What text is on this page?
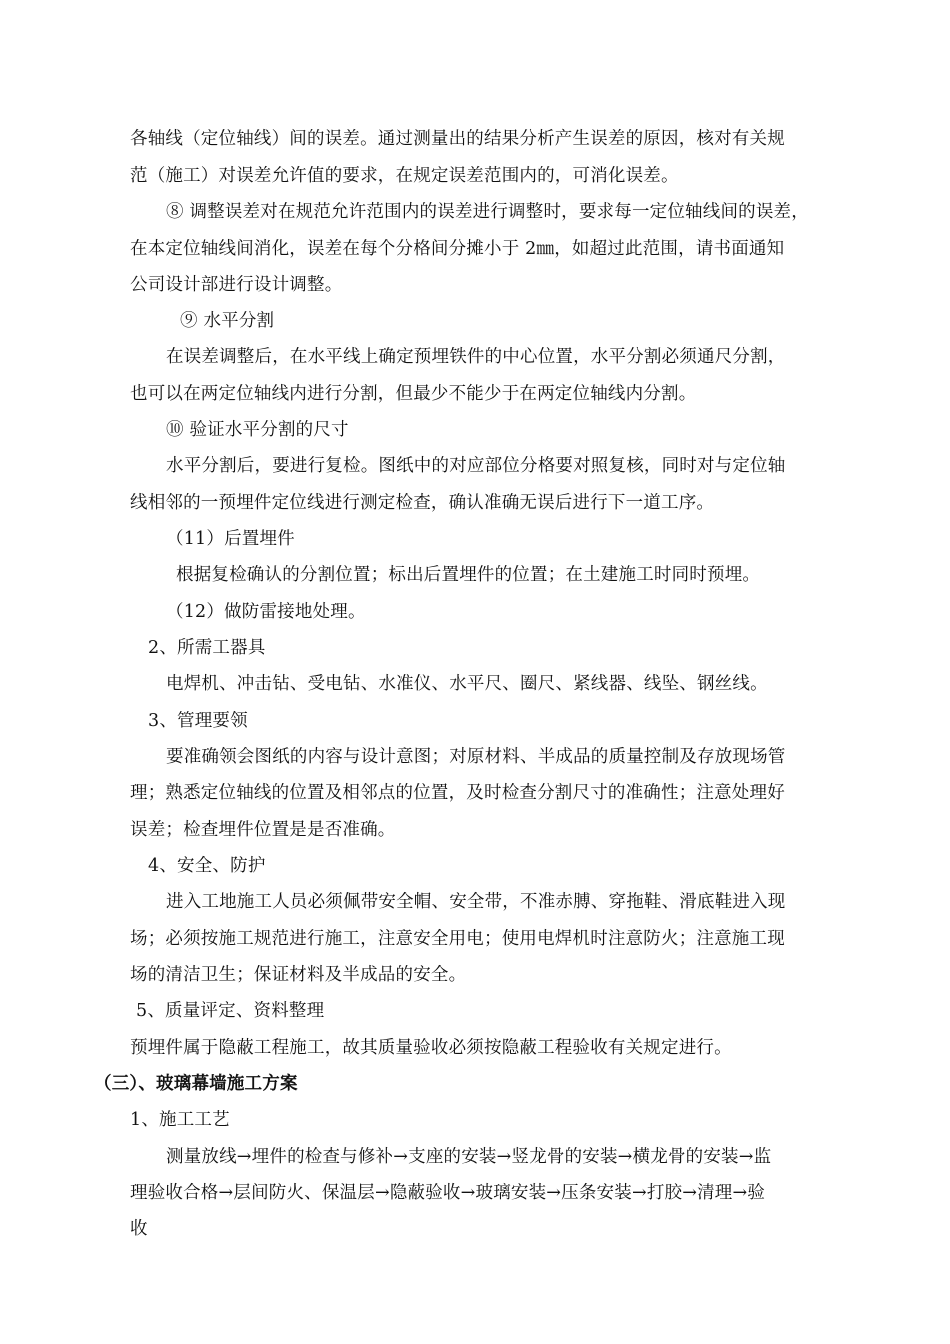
各轴线（定位轴线）间的误差。通过测量出的结果分析产生误差的原因，核对有关规
范（施工）对误差允许值的要求，在规定误差范围内的，可消化误差。
⑧ 调整误差对在规范允许范围内的误差进行调整时，要求每一定位轴线间的误差，
在本定位轴线间消化，误差在每个分格间分摊小于 2㎜，如超过此范围，请书面通知
公司设计部进行设计调整。
⑨ 水平分割
在误差调整后，在水平线上确定预埋铁件的中心位置，水平分割必须通尺分割，
也可以在两定位轴线内进行分割，但最少不能少于在两定位轴线内分割。
⑩ 验证水平分割的尺寸
水平分割后，要进行复检。图纸中的对应部位分格要对照复核，同时对与定位轴
线相邻的一预埋件定位线进行测定检查，确认准确无误后进行下一道工序。
（11）后置埋件
根据复检确认的分割位置；标出后置埋件的位置；在土建施工时同时预埋。
（12）做防雷接地处理。
2、所需工器具
电焊机、冲击钻、受电钻、水准仪、水平尺、圈尺、紧线器、线坠、钢丝线。
3、管理要领
要准确领会图纸的内容与设计意图；对原材料、半成品的质量控制及存放现场管
理；熟悉定位轴线的位置及相邻点的位置，及时检查分割尺寸的准确性；注意处理好
误差；检查埋件位置是是否准确。
4、安全、防护
进入工地施工人员必须佩带安全帽、安全带，不准赤膊、穿拖鞋、滑底鞋进入现
场；必须按施工规范进行施工，注意安全用电；使用电焊机时注意防火；注意施工现
场的清洁卫生；保证材料及半成品的安全。
5、质量评定、资料整理
预埋件属于隐蔽工程施工，故其质量验收必须按隐蔽工程验收有关规定进行。
（三）、玻璃幕墙施工方案
1、施工工艺
测量放线→埋件的检查与修补→支座的安装→竖龙骨的安装→横龙骨的安装→监
理验收合格→层间防火、保温层→隐蔽验收→玻璃安装→压条安装→打胶→清理→验
收
